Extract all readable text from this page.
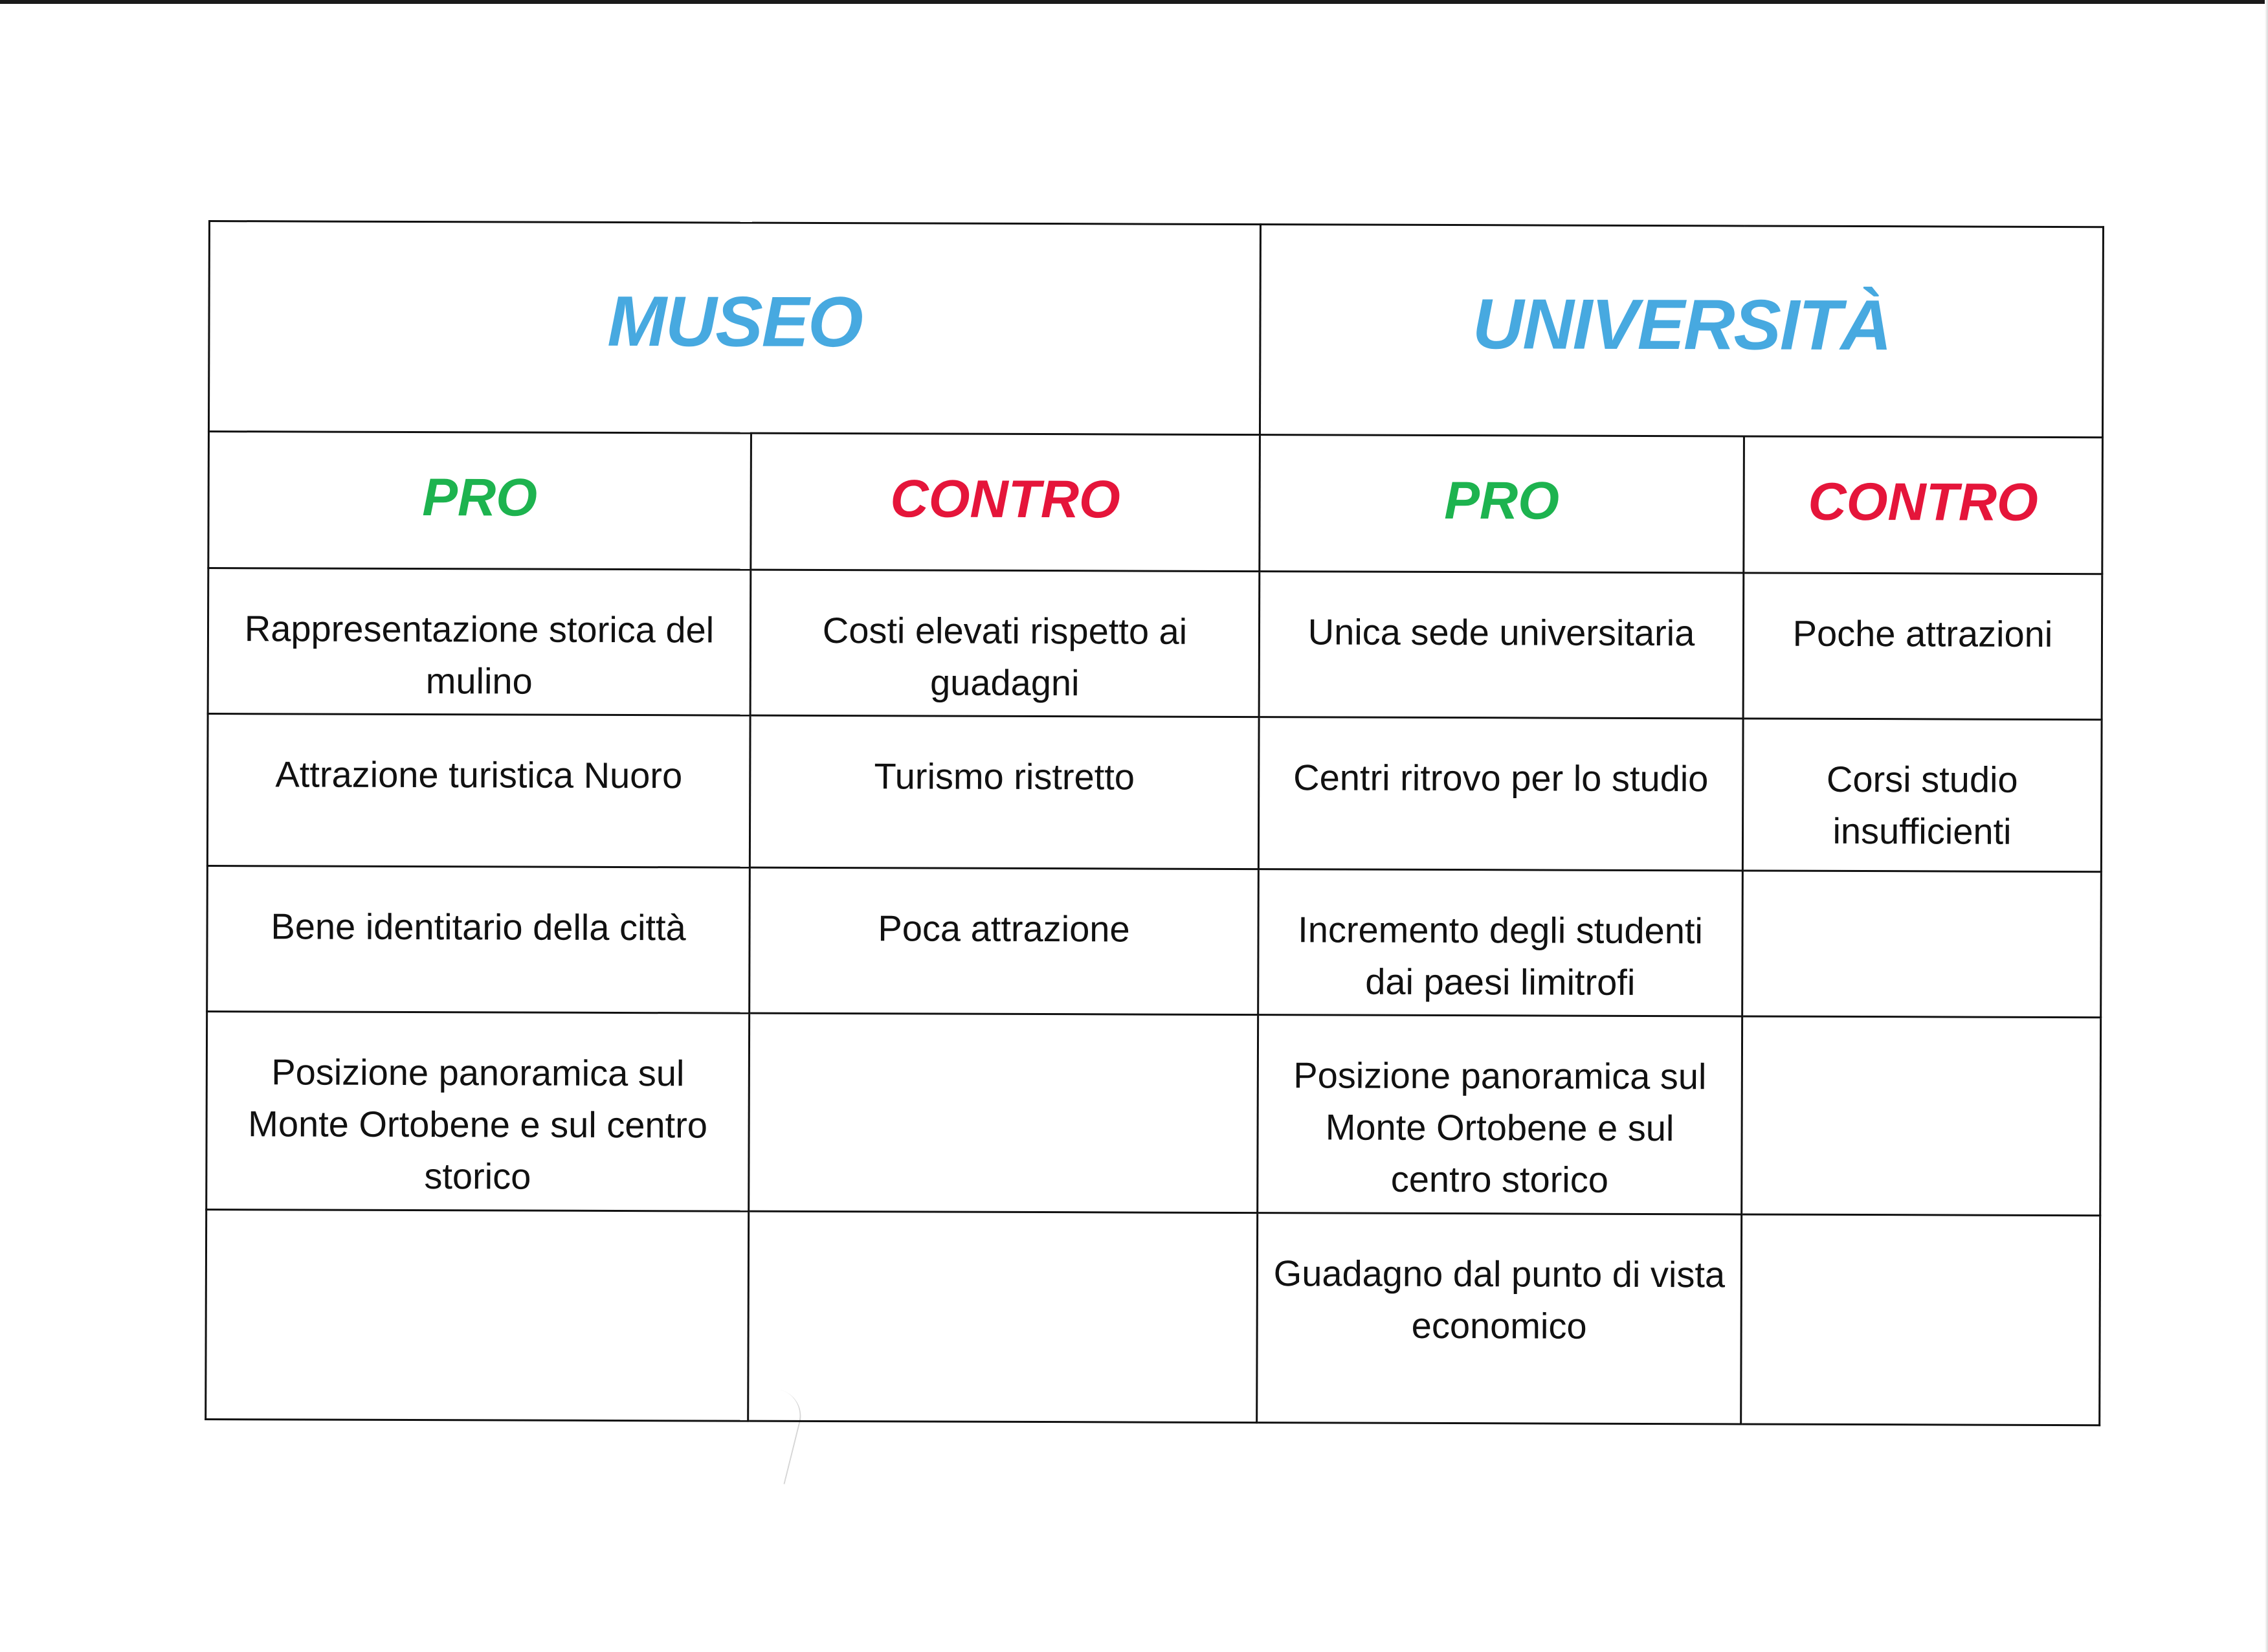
MUSEO		UNIVERSITÀ	
PRO	CONTRO	PRO	CONTRO
Rappresentazione storica del mulino	Costi elevati rispetto ai guadagni	Unica sede universitaria	Poche attrazioni
Attrazione turistica Nuoro	Turismo ristretto	Centri ritrovo per lo studio	Corsi studio insufficienti
Bene identitario della città	Poca attrazione	Incremento degli studenti dai paesi limitrofi	
Posizione panoramica sul Monte Ortobene e sul centro storico		Posizione panoramica sul Monte Ortobene e sul centro storico	
		Guadagno dal punto di vista economico	
